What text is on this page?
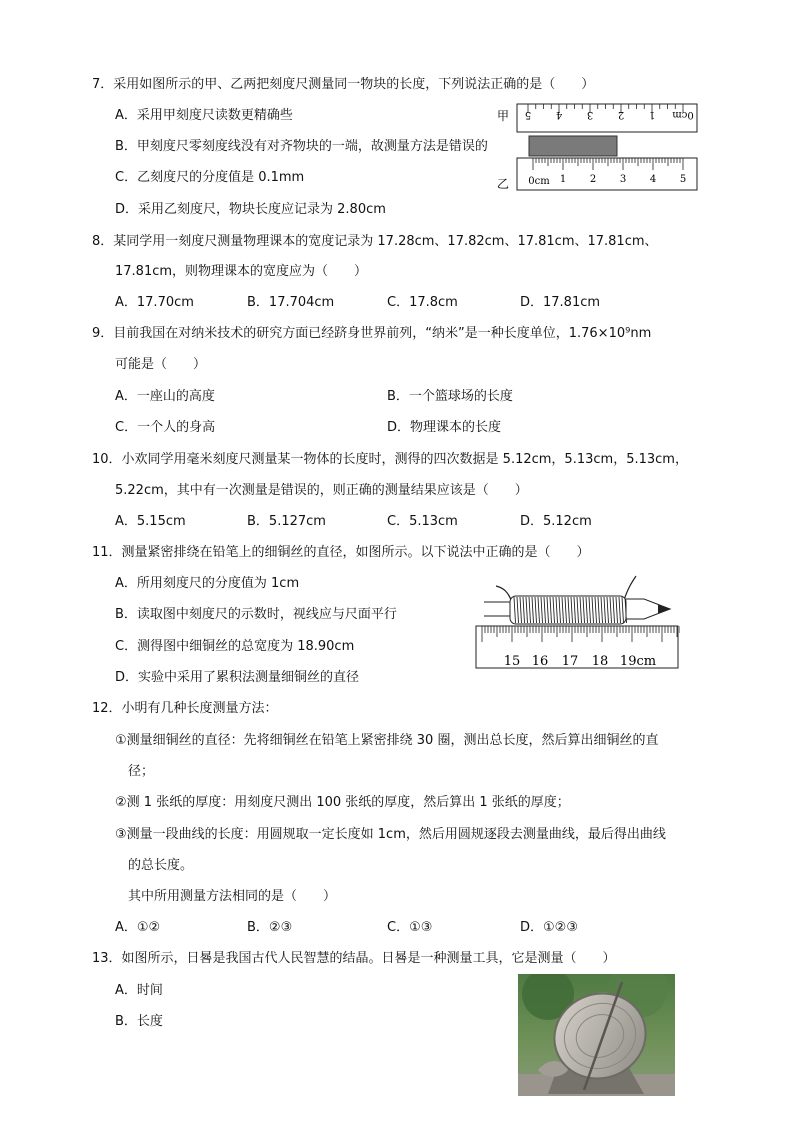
7．采用如图所示的甲、乙两把刻度尺测量同一物块的长度，下列说法正确的是（　　）
A．采用甲刻度尺读数更精确些
B．甲刻度尺零刻度线没有对齐物块的一端，故测量方法是错误的
C．乙刻度尺的分度值是 0.1mm
D．采用乙刻度尺，物块长度应记录为 2.80cm
甲 5 4 3 2 1 0cm
乙 0cm 1 2 3 4 5
8．某同学用一刻度尺测量物理课本的宽度记录为 17.28cm、17.82cm、17.81cm、17.81cm、
17.81cm，则物理课本的宽度应为（　　）
A．17.70cm	B．17.704cm	C．17.8cm	D．17.81cm
9．目前我国在对纳米技术的研究方面已经跻身世界前列，“纳米”是一种长度单位，1.76×10⁹nm
可能是（　　）
A．一座山的高度	B．一个篮球场的长度
C．一个人的身高	D．物理课本的长度
10．小欢同学用毫米刻度尺测量某一物体的长度时，测得的四次数据是 5.12cm，5.13cm，5.13cm，
5.22cm，其中有一次测量是错误的，则正确的测量结果应该是（　　）
A．5.15cm	B．5.127cm	C．5.13cm	D．5.12cm
11．测量紧密排绕在铅笔上的细铜丝的直径，如图所示。以下说法中正确的是（　　）
A．所用刻度尺的分度值为 1cm
B．读取图中刻度尺的示数时，视线应与尺面平行
C．测得图中细铜丝的总宽度为 18.90cm
D．实验中采用了累积法测量细铜丝的直径
15 16 17 18 19cm
12．小明有几种长度测量方法：
①测量细铜丝的直径：先将细铜丝在铅笔上紧密排绕 30 圈，测出总长度，然后算出细铜丝的直
径；
②测 1 张纸的厚度：用刻度尺测出 100 张纸的厚度，然后算出 1 张纸的厚度；
③测量一段曲线的长度：用圆规取一定长度如 1cm，然后用圆规逐段去测量曲线，最后得出曲线
的总长度。
其中所用测量方法相同的是（　　）
A．①②	B．②③	C．①③	D．①②③
13．如图所示，日晷是我国古代人民智慧的结晶。日晷是一种测量工具，它是测量（　　）
A．时间
B．长度
